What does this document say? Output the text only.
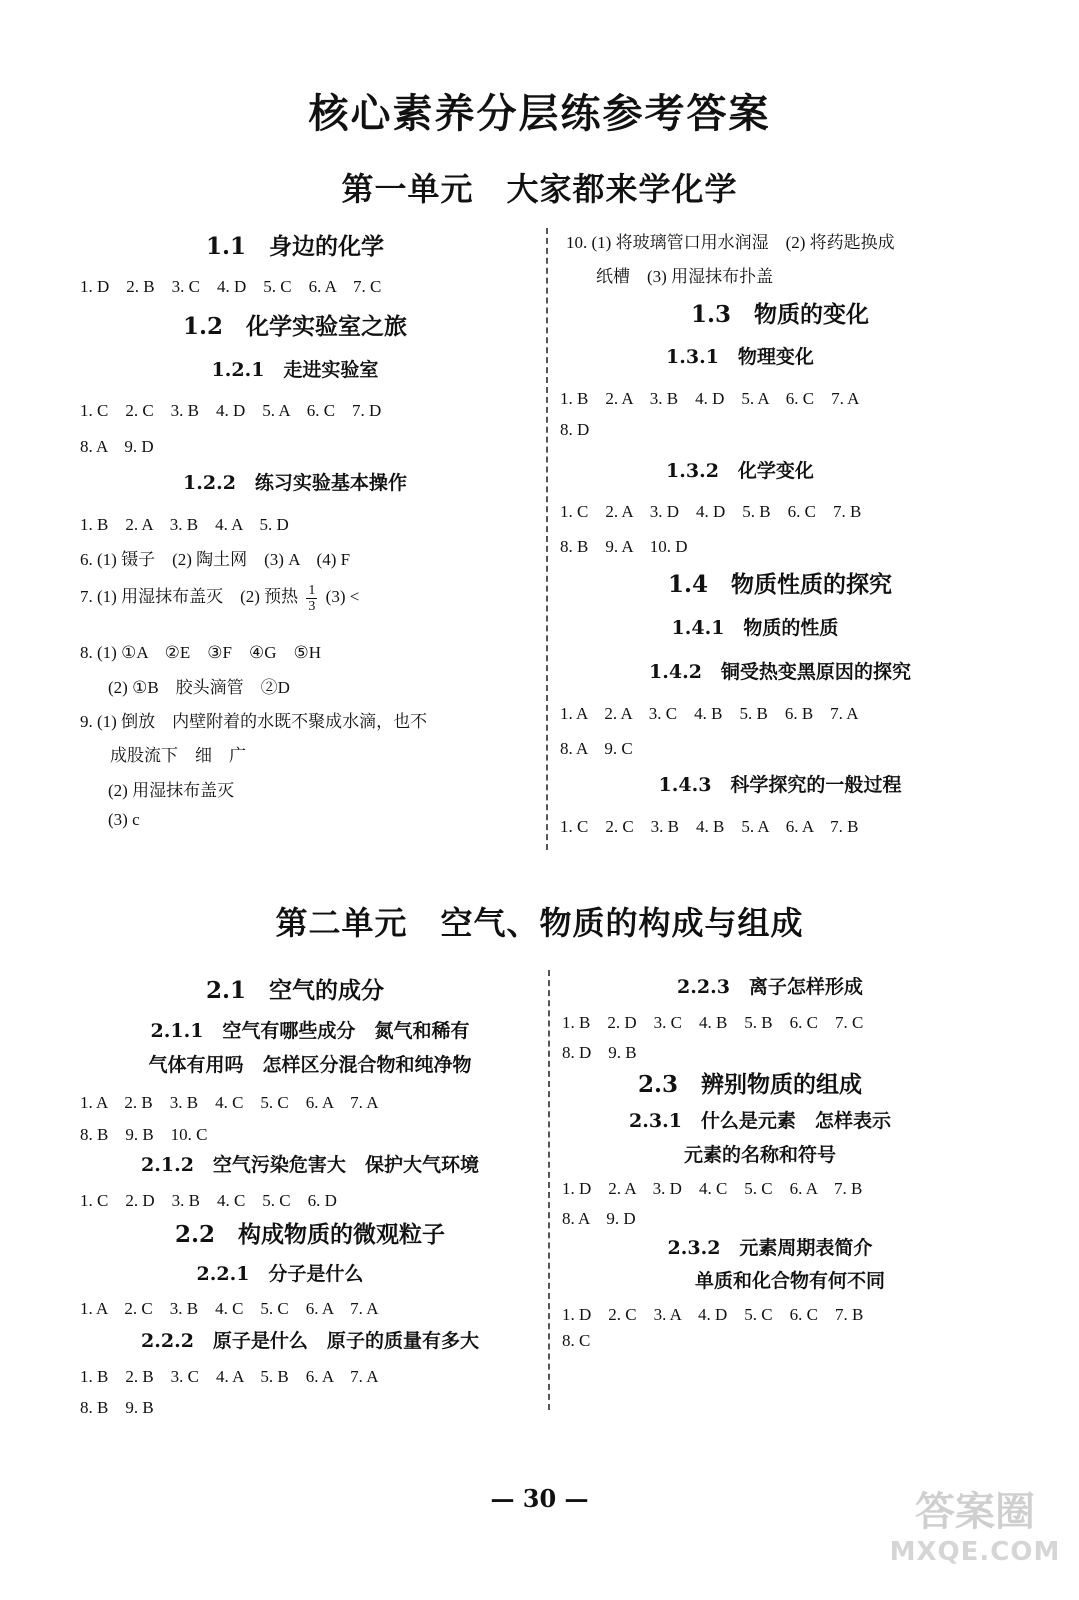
核心素养分层练参考答案
第一单元　大家都来学化学
1.1　身边的化学
1. D　2. B　3. C　4. D　5. C　6. A　7. C
1.2　化学实验室之旅
1.2.1　走进实验室
1. C　2. C　3. B　4. D　5. A　6. C　7. D
8. A　9. D
1.2.2　练习实验基本操作
1. B　2. A　3. B　4. A　5. D
6. (1) 镊子　(2) 陶土网　(3) A　(4) F
7. (1) 用湿抹布盖灭　(2) 预热 $\frac{1}{3} (3)$ <
8. (1) ①A　②E　③F　④G　⑤H
(2) ①B　胶头滴管　②D
9. (1) 倒放　内壁附着的水既不聚成水滴，也不
成股流下　细　广
(2) 用湿抹布盖灭
(3) c
10. (1) 将玻璃管口用水润湿　(2) 将药匙换成
纸槽　(3) 用湿抹布扑盖
1.3　物质的变化
1.3.1　物理变化
1. B　2. A　3. B　4. D　5. A　6. C　7. A
8. D
1.3.2　化学变化
1. C　2. A　3. D　4. D　5. B　6. C　7. B
8. B　9. A　10. D
1.4　物质性质的探究
1.4.1　物质的性质
1.4.2　铜受热变黑原因的探究
1. A　2. A　3. C　4. B　5. B　6. B　7. A
8. A　9. C
1.4.3　科学探究的一般过程
1. C　2. C　3. B　4. B　5. A　6. A　7. B
第二单元　空气、物质的构成与组成
2.1　空气的成分
2.1.1　空气有哪些成分　氮气和稀有
气体有用吗　怎样区分混合物和纯净物
1. A　2. B　3. B　4. C　5. C　6. A　7. A
8. B　9. B　10. C
2.1.2　空气污染危害大　保护大气环境
1. C　2. D　3. B　4. C　5. C　6. D
2.2　构成物质的微观粒子
2.2.1　分子是什么
1. A　2. C　3. B　4. C　5. C　6. A　7. A
2.2.2　原子是什么　原子的质量有多大
1. B　2. B　3. C　4. A　5. B　6. A　7. A
8. B　9. B
2.2.3　离子怎样形成
1. B　2. D　3. C　4. B　5. B　6. C　7. C
8. D　9. B
2.3　辨别物质的组成
2.3.1　什么是元素　怎样表示
元素的名称和符号
1. D　2. A　3. D　4. C　5. C　6. A　7. B
8. A　9. D
2.3.2　元素周期表简介
单质和化合物有何不同
1. D　2. C　3. A　4. D　5. C　6. C　7. B
8. C
— 30 —	答案圈
MXQE.COM
